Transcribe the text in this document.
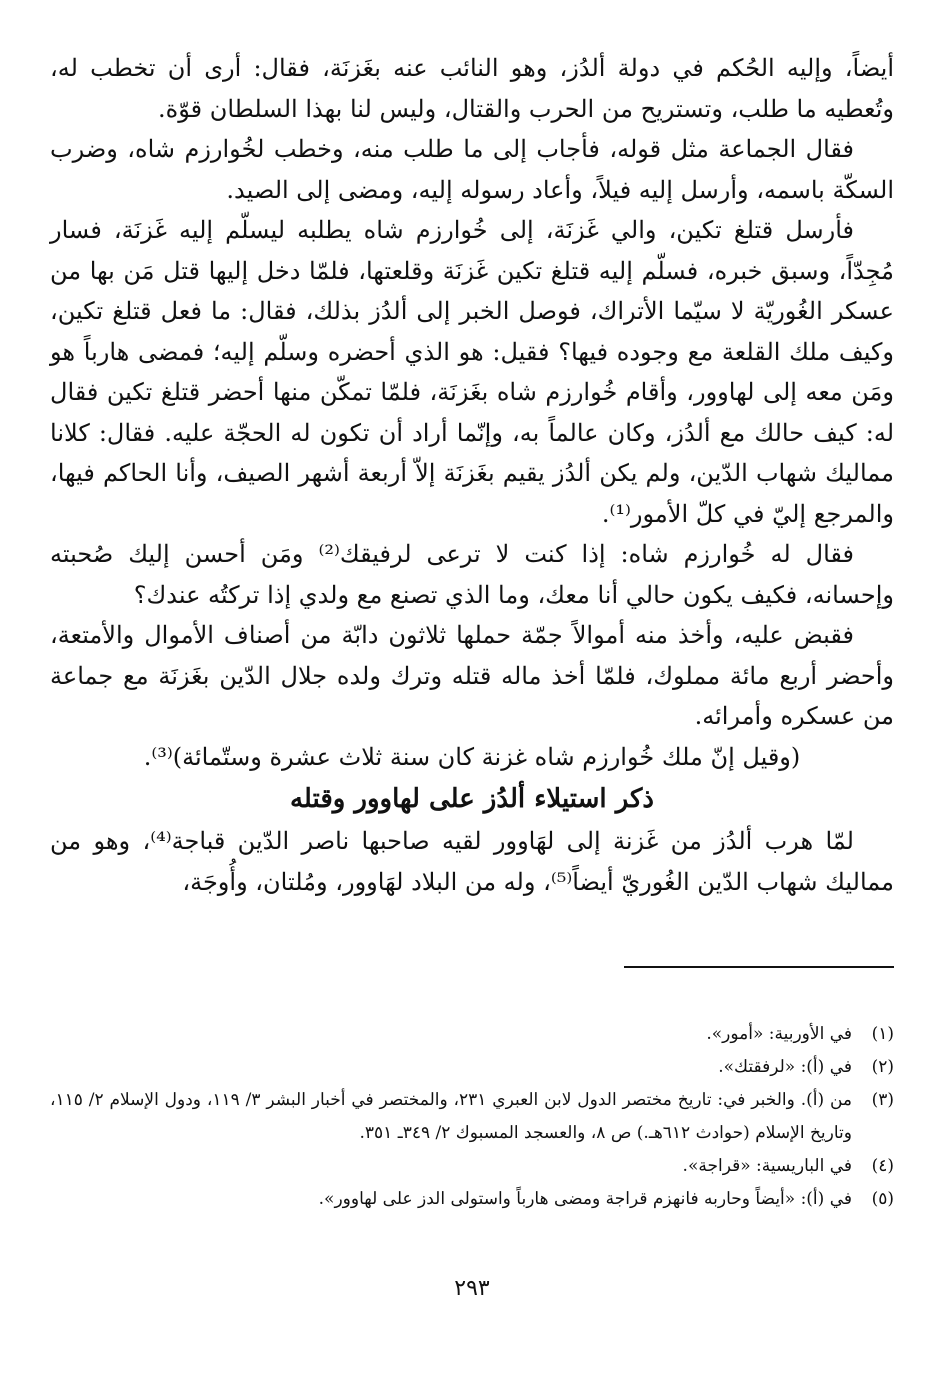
أيضاً، وإليه الحُكم في دولة ألدُز، وهو النائب عنه بغَزنَة، فقال: أرى أن تخطب له، وتُعطيه ما طلب، وتستريح من الحرب والقتال، وليس لنا بهذا السلطان قوّة.

فقال الجماعة مثل قوله، فأجاب إلى ما طلب منه، وخطب لخُوارزم شاه، وضرب السكّة باسمه، وأرسل إليه فيلاً، وأعاد رسوله إليه، ومضى إلى الصيد.

فأرسل قتلغ تكين، والي غَزنَة، إلى خُوارزم شاه يطلبه ليسلّم إليه غَزنَة، فسار مُجِدّاً، وسبق خبره، فسلّم إليه قتلغ تكين غَزنَة وقلعتها، فلمّا دخل إليها قتل مَن بها من عسكر الغُوريّة لا سيّما الأتراك، فوصل الخبر إلى ألدُز بذلك، فقال: ما فعل قتلغ تكين، وكيف ملك القلعة مع وجوده فيها؟ فقيل: هو الذي أحضره وسلّم إليه؛ فمضى هارباً هو ومَن معه إلى لهاوور، وأقام خُوارزم شاه بغَزنَة، فلمّا تمكّن منها أحضر قتلغ تكين فقال له: كيف حالك مع ألدُز، وكان عالماً به، وإنّما أراد أن تكون له الحجّة عليه. فقال: كلانا مماليك شهاب الدّين، ولم يكن ألدُز يقيم بغَزنَة إلاّ أربعة أشهر الصيف، وأنا الحاكم فيها، والمرجع إليّ في كلّ الأمور⁽¹⁾.

فقال له خُوارزم شاه: إذا كنت لا ترعى لرفيقك⁽²⁾ ومَن أحسن إليك صُحبته وإحسانه، فكيف يكون حالي أنا معك، وما الذي تصنع مع ولدي إذا تركتُه عندك؟

فقبض عليه، وأخذ منه أموالاً جمّة حملها ثلاثون دابّة من أصناف الأموال والأمتعة، وأحضر أربع مائة مملوك، فلمّا أخذ ماله قتله وترك ولده جلال الدّين بغَزنَة مع جماعة من عسكره وأمرائه.

(وقيل إنّ ملك خُوارزم شاه غزنة كان سنة ثلاث عشرة وستّمائة)⁽³⁾.

ذكر استيلاء ألدُز على لهاوور وقتله

لمّا هرب ألدُز من غَزنة إلى لهَاوور لقيه صاحبها ناصر الدّين قباجة⁽⁴⁾، وهو من مماليك شهاب الدّين الغُوريّ أيضاً⁽⁵⁾، وله من البلاد لهَاوور، ومُلتان، وأُوجَة،

(١)
في الأوربية: «أمور».
(٢)
في (أ): «لرفقتك».
(٣)
من (أ). والخبر في: تاريخ مختصر الدول لابن العبري ٢٣١، والمختصر في أخبار البشر ٣/ ١١٩، ودول الإسلام ٢/ ١١٥، وتاريخ الإسلام (حوادث ٦١٢هـ.) ص ٨، والعسجد المسبوك ٢/ ٣٤٩ـ ٣٥١.
(٤)
في الباريسية: «قراجة».
(٥)
في (أ): «أيضاً وحاربه فانهزم قراجة ومضى هارباً واستولى الدز على لهاوور».
٢٩٣
